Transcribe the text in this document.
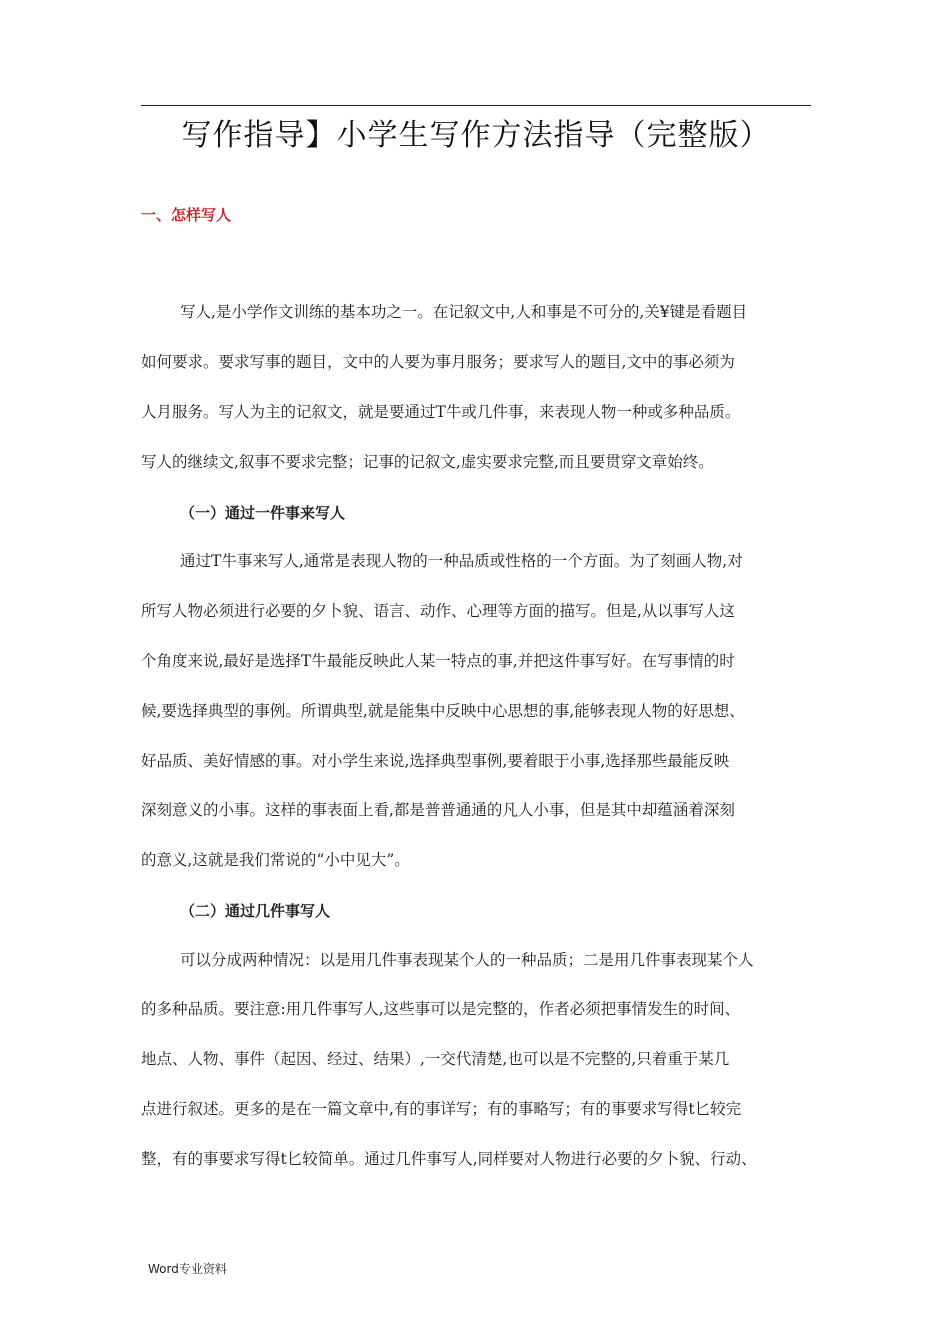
写作指导】小学生写作方法指导（完整版）
一、怎样写人
写人,是小学作文训练的基本功之一。在记叙文中,人和事是不可分的,关¥键是看题目
如何要求。要求写事的题目，文中的人要为事月服务；要求写人的题目,文中的事必须为
人月服务。写人为主的记叙文，就是要通过T牛或几件事，来表现人物一种或多种品质。
写人的继续文,叙事不要求完整；记事的记叙文,虚实要求完整,而且要贯穿文章始终。
（一）通过一件事来写人
通过T牛事来写人,通常是表现人物的一种品质或性格的一个方面。为了刻画人物,对
所写人物必须进行必要的夕卜貌、语言、动作、心理等方面的描写。但是,从以事写人这
个角度来说,最好是选择T牛最能反映此人某一特点的事,并把这件事写好。在写事情的时
候,要选择典型的事例。所谓典型,就是能集中反映中心思想的事,能够表现人物的好思想、
好品质、美好情感的事。对小学生来说,选择典型事例,要着眼于小事,选择那些最能反映
深刻意义的小事。这样的事表面上看,都是普普通通的凡人小事，但是其中却蕴涵着深刻
的意义,这就是我们常说的“小中见大”。
（二）通过几件事写人
可以分成两种情况：以是用几件事表现某个人的一种品质；二是用几件事表现某个人
的多种品质。要注意:用几件事写人,这些事可以是完整的，作者必须把事情发生的时间、
地点、人物、事件（起因、经过、结果）,一交代清楚,也可以是不完整的,只着重于某几
点进行叙述。更多的是在一篇文章中,有的事详写；有的事略写；有的事要求写得t匕较完
整，有的事要求写得t匕较简单。通过几件事写人,同样要对人物进行必要的夕卜貌、行动、
Word专业资料
